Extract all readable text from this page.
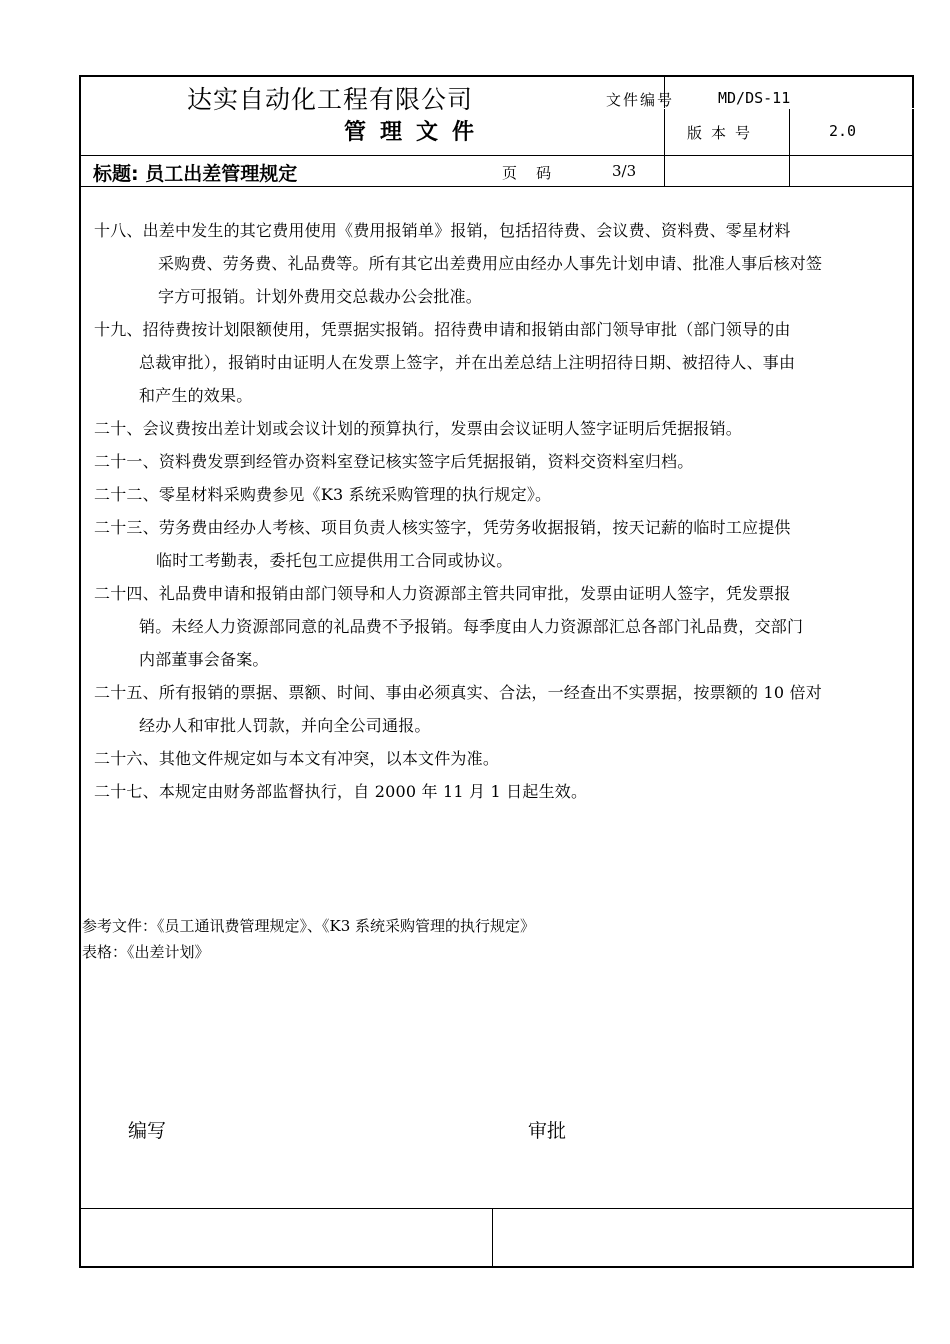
达实自动化工程有限公司
管理文件
文件编号	MD/DS-11
版本号	2.0
标题: 员工出差管理规定	页    码	3/3
十八、出差中发生的其它费用使用《费用报销单》报销，包括招待费、会议费、资料费、零星材料
采购费、劳务费、礼品费等。所有其它出差费用应由经办人事先计划申请、批准人事后核对签
字方可报销。计划外费用交总裁办公会批准。
十九、招待费按计划限额使用，凭票据实报销。招待费申请和报销由部门领导审批（部门领导的由
总裁审批），报销时由证明人在发票上签字，并在出差总结上注明招待日期、被招待人、事由
和产生的效果。
二十、会议费按出差计划或会议计划的预算执行，发票由会议证明人签字证明后凭据报销。
二十一、资料费发票到经管办资料室登记核实签字后凭据报销，资料交资料室归档。
二十二、零星材料采购费参见《K3 系统采购管理的执行规定》。
二十三、劳务费由经办人考核、项目负责人核实签字，凭劳务收据报销，按天记薪的临时工应提供
临时工考勤表，委托包工应提供用工合同或协议。
二十四、礼品费申请和报销由部门领导和人力资源部主管共同审批，发票由证明人签字，凭发票报
销。未经人力资源部同意的礼品费不予报销。每季度由人力资源部汇总各部门礼品费，交部门
内部董事会备案。
二十五、所有报销的票据、票额、时间、事由必须真实、合法，一经查出不实票据，按票额的 10 倍对
经办人和审批人罚款，并向全公司通报。
二十六、其他文件规定如与本文有冲突，以本文件为准。
二十七、本规定由财务部监督执行，自 2000 年 11 月 1 日起生效。
参考文件：《员工通讯费管理规定》、《K3 系统采购管理的执行规定》
表格：《出差计划》
编写	审批
